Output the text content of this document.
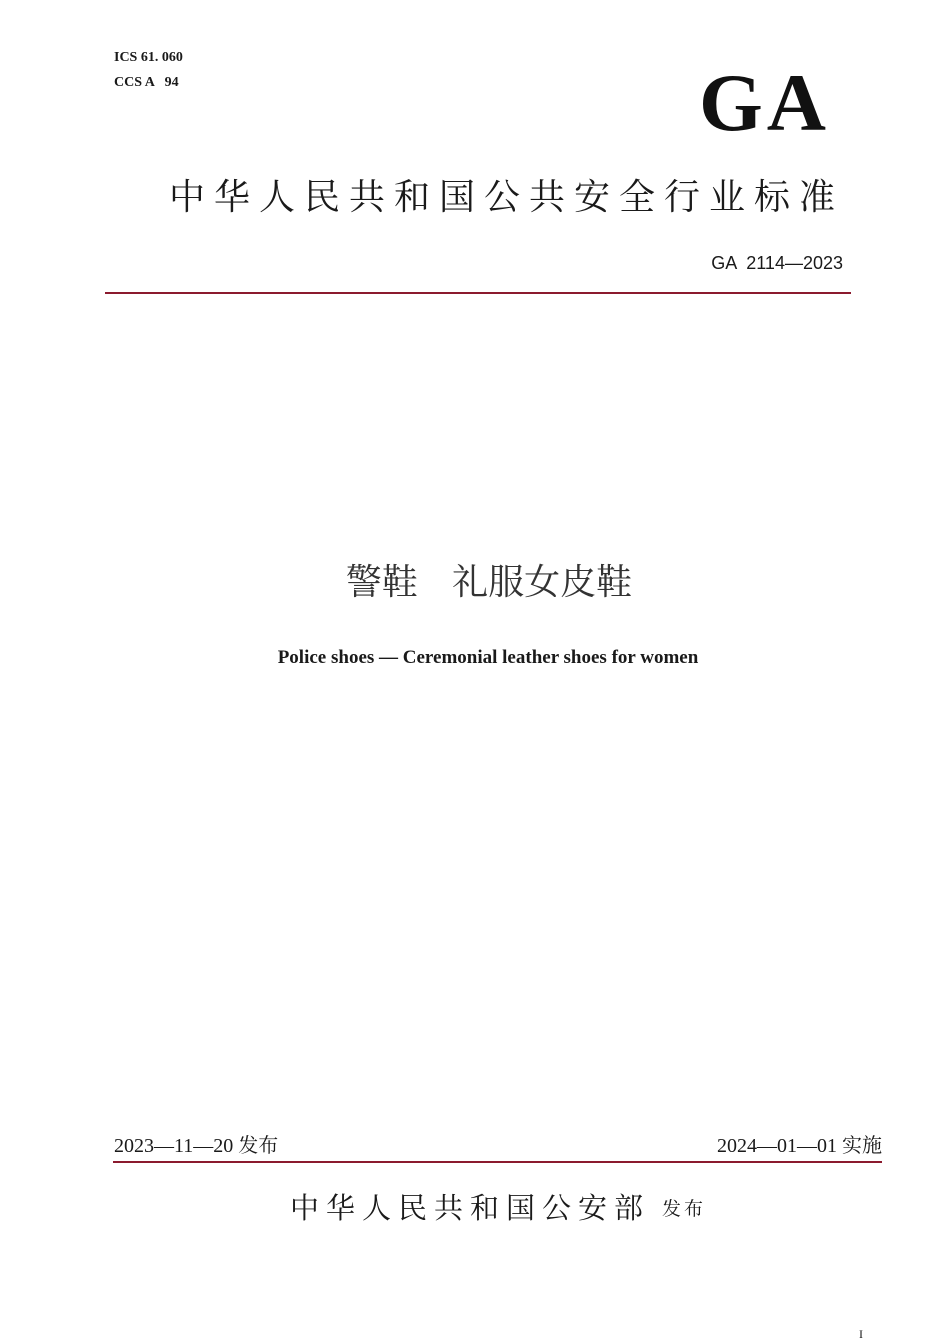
ICS 61. 060
CCS A   94	GA
中华人民共和国公共安全行业标准
GA  2114—2023
警鞋   礼服女皮鞋
Police shoes — Ceremonial leather shoes for women
2023—11—20 发布	2024—01—01 实施
中华人民共和国公安部 发布
I
